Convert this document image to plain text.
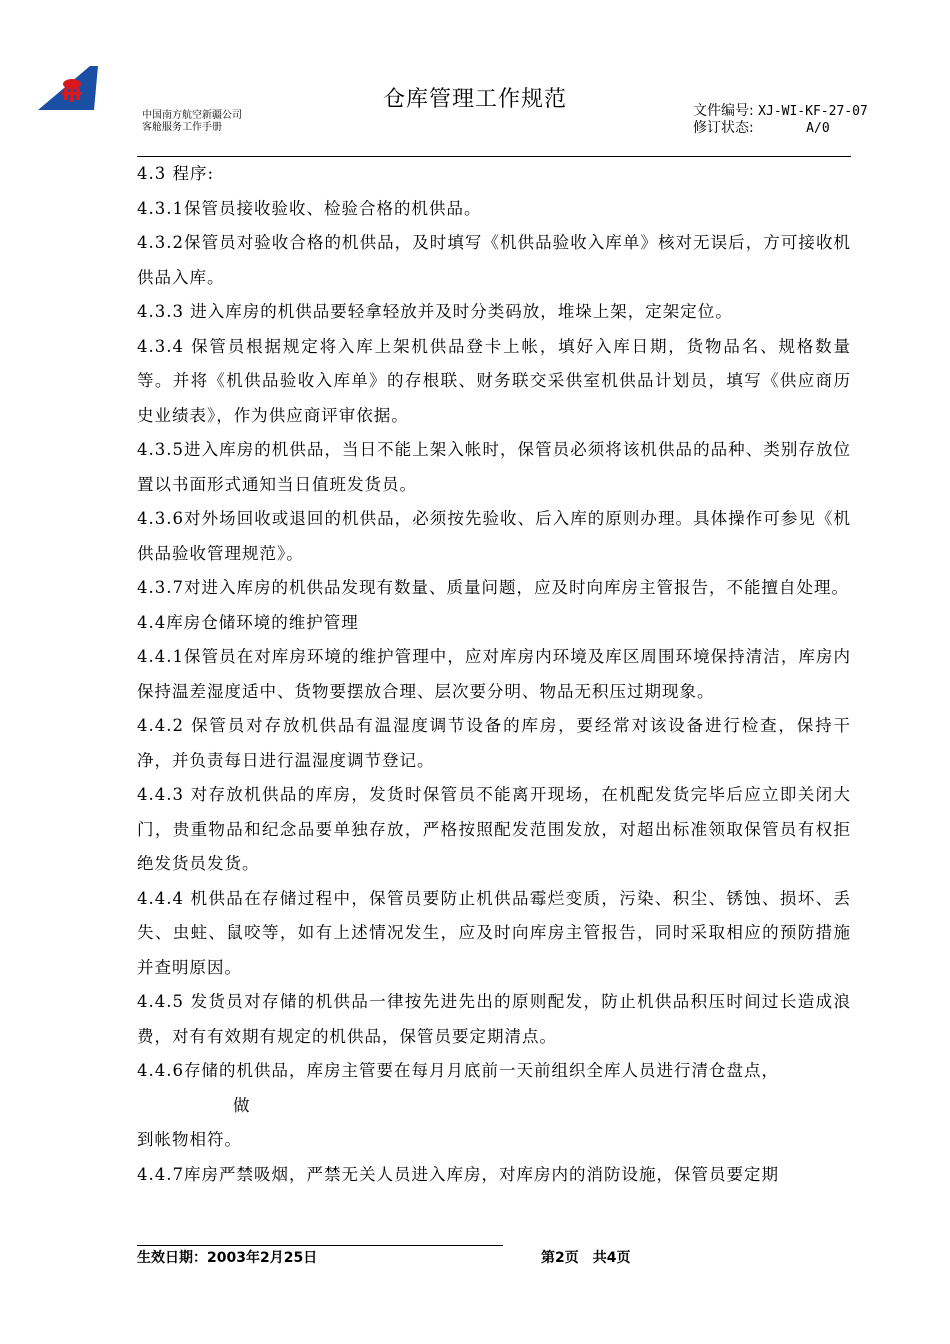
仓库管理工作规范
中国南方航空新疆公司
客舱服务工作手册
文件编号: XJ-WI-KF-27-07
修订状态:	A/0

4.3 程序:

4.3.1保管员接收验收、检验合格的机供品。

4.3.2保管员对验收合格的机供品，及时填写《机供品验收入库单》核对无误后，方可接收机供品入库。

4.3.3 进入库房的机供品要轻拿轻放并及时分类码放，堆垛上架，定架定位。

4.3.4 保管员根据规定将入库上架机供品登卡上帐，填好入库日期，货物品名、规格数量等。并将《机供品验收入库单》的存根联、财务联交采供室机供品计划员，填写《供应商历史业绩表》，作为供应商评审依据。

4.3.5进入库房的机供品，当日不能上架入帐时，保管员必须将该机供品的品种、类别存放位置以书面形式通知当日值班发货员。

4.3.6对外场回收或退回的机供品，必须按先验收、后入库的原则办理。具体操作可参见《机供品验收管理规范》。

4.3.7对进入库房的机供品发现有数量、质量问题，应及时向库房主管报告，不能擅自处理。

4.4库房仓储环境的维护管理

4.4.1保管员在对库房环境的维护管理中，应对库房内环境及库区周围环境保持清洁，库房内保持温差湿度适中、货物要摆放合理、层次要分明、物品无积压过期现象。

4.4.2 保管员对存放机供品有温湿度调节设备的库房，要经常对该设备进行检查，保持干净，并负责每日进行温湿度调节登记。

4.4.3 对存放机供品的库房，发货时保管员不能离开现场，在机配发货完毕后应立即关闭大门，贵重物品和纪念品要单独存放，严格按照配发范围发放，对超出标准领取保管员有权拒绝发货员发货。

4.4.4 机供品在存储过程中，保管员要防止机供品霉烂变质，污染、积尘、锈蚀、损坏、丢失、虫蛀、鼠咬等，如有上述情况发生，应及时向库房主管报告，同时采取相应的预防措施并查明原因。

4.4.5 发货员对存储的机供品一律按先进先出的原则配发，防止机供品积压时间过长造成浪费，对有有效期有规定的机供品，保管员要定期清点。

4.4.6存储的机供品，库房主管要在每月月底前一天前组织全库人员进行清仓盘点，

做

到帐物相符。

4.4.7库房严禁吸烟，严禁无关人员进入库房，对库房内的消防设施，保管员要定期

生效日期：2003年2月25日	第2页 共4页
